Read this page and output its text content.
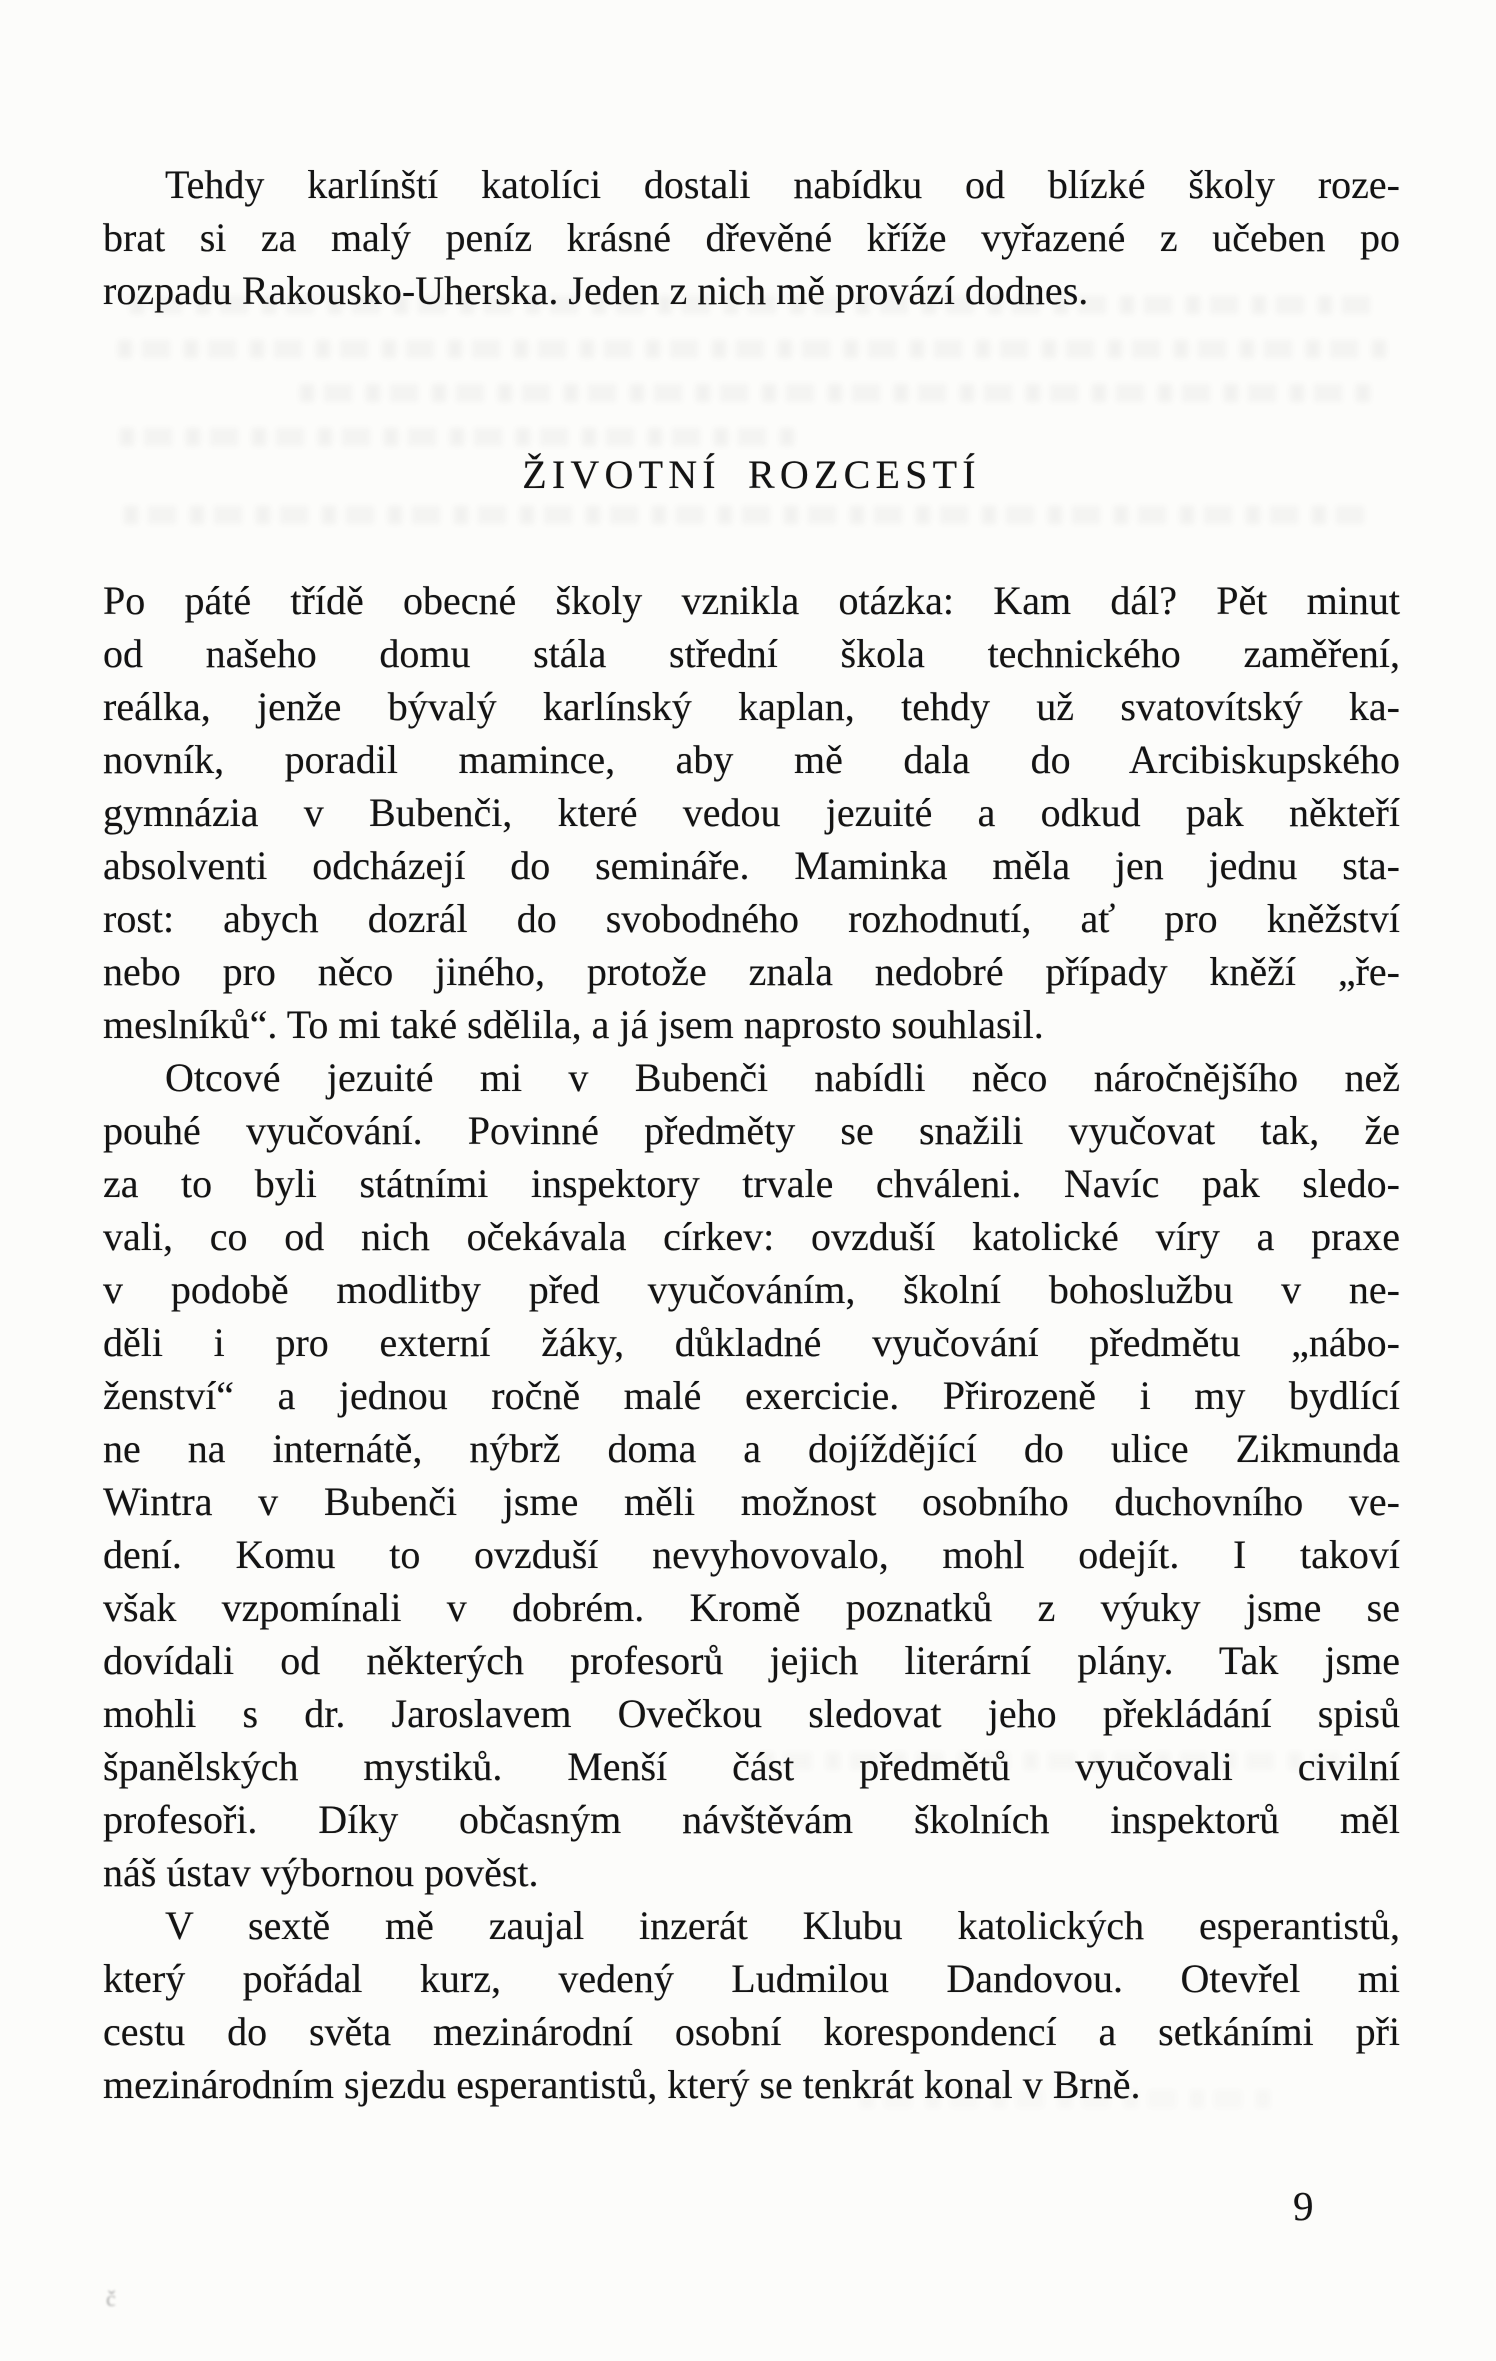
č
Tehdy karlínští katolíci dostali nabídku od blízké školy roze-
brat si za malý peníz krásné dřevěné kříže vyřazené z učeben po
rozpadu Rakousko-Uherska. Jeden z nich mě provází dodnes.
ŽIVOTNÍ ROZCESTÍ
Po páté třídě obecné školy vznikla otázka: Kam dál? Pět minut
od našeho domu stála střední škola technického zaměření,
reálka, jenže bývalý karlínský kaplan, tehdy už svatovítský ka-
novník, poradil mamince, aby mě dala do Arcibiskupského
gymnázia v Bubenči, které vedou jezuité a odkud pak někteří
absolventi odcházejí do semináře. Maminka měla jen jednu sta-
rost: abych dozrál do svobodného rozhodnutí, ať pro kněžství
nebo pro něco jiného, protože znala nedobré případy kněží „ře-
meslníků“. To mi také sdělila, a já jsem naprosto souhlasil.
Otcové jezuité mi v Bubenči nabídli něco náročnějšího než
pouhé vyučování. Povinné předměty se snažili vyučovat tak, že
za to byli státními inspektory trvale chváleni. Navíc pak sledo-
vali, co od nich očekávala církev: ovzduší katolické víry a praxe
v podobě modlitby před vyučováním, školní bohoslužbu v ne-
děli i pro externí žáky, důkladné vyučování předmětu „nábo-
ženství“ a jednou ročně malé exercicie. Přirozeně i my bydlící
ne na internátě, nýbrž doma a dojíždějící do ulice Zikmunda
Wintra v Bubenči jsme měli možnost osobního duchovního ve-
dení. Komu to ovzduší nevyhovovalo, mohl odejít. I takoví
však vzpomínali v dobrém. Kromě poznatků z výuky jsme se
dovídali od některých profesorů jejich literární plány. Tak jsme
mohli s dr. Jaroslavem Ovečkou sledovat jeho překládání spisů
španělských mystiků. Menší část předmětů vyučovali civilní
profesoři. Díky občasným návštěvám školních inspektorů měl
náš ústav výbornou pověst.
V sextě mě zaujal inzerát Klubu katolických esperantistů,
který pořádal kurz, vedený Ludmilou Dandovou. Otevřel mi
cestu do světa mezinárodní osobní korespondencí a setkáními při
mezinárodním sjezdu esperantistů, který se tenkrát konal v Brně.
9
